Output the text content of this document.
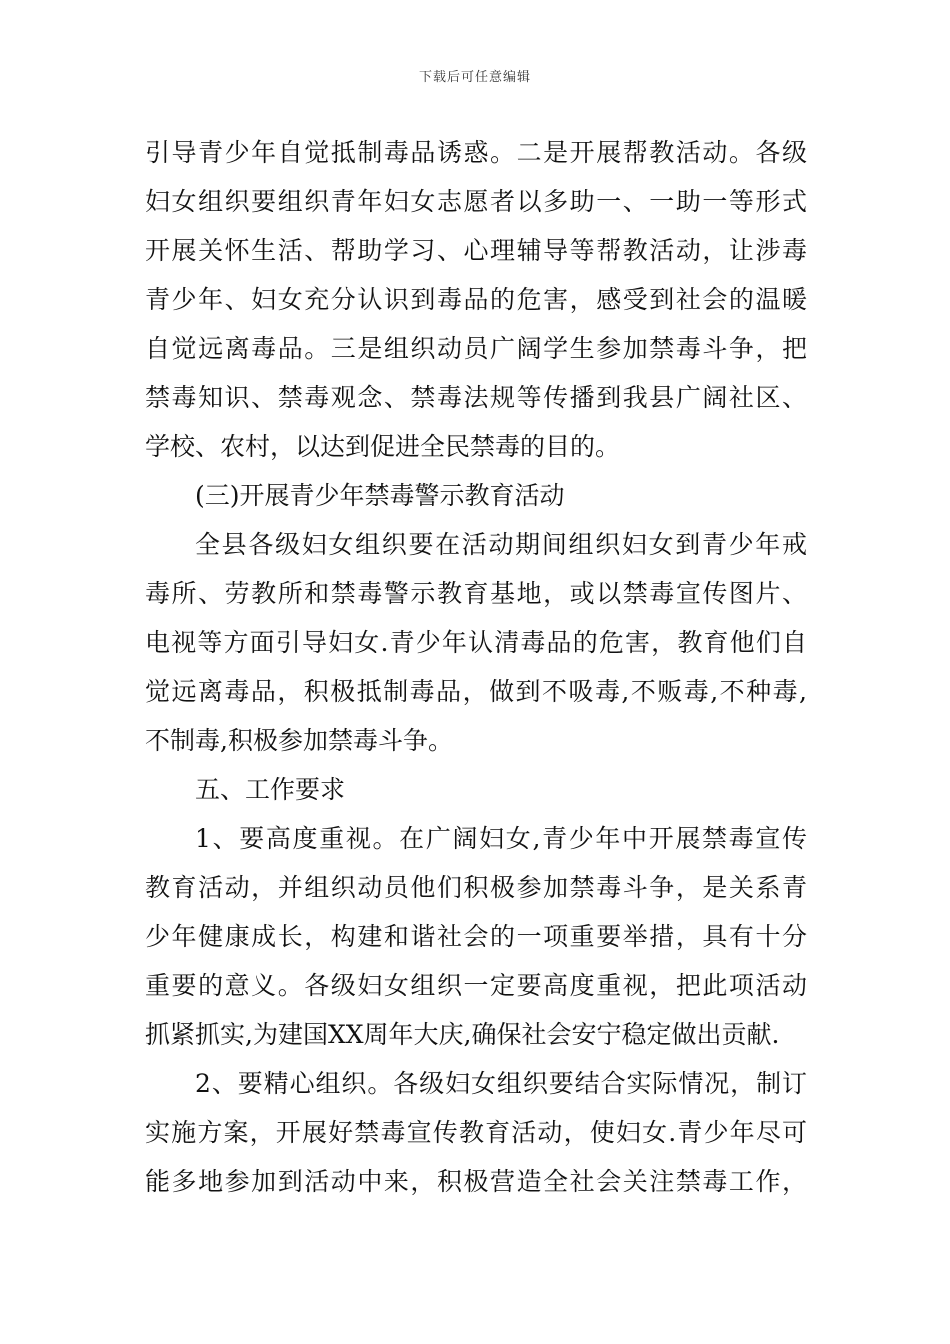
下载后可任意编辑
引导青少年自觉抵制毒品诱惑。二是开展帮教活动。各级
妇女组织要组织青年妇女志愿者以多助一、一助一等形式
开展关怀生活、帮助学习、心理辅导等帮教活动，让涉毒
青少年、妇女充分认识到毒品的危害，感受到社会的温暖
自觉远离毒品。三是组织动员广阔学生参加禁毒斗争，把
禁毒知识、禁毒观念、禁毒法规等传播到我县广阔社区、
学校、农村，以达到促进全民禁毒的目的。
(三)开展青少年禁毒警示教育活动
全县各级妇女组织要在活动期间组织妇女到青少年戒
毒所、劳教所和禁毒警示教育基地，或以禁毒宣传图片、
电视等方面引导妇女.青少年认清毒品的危害，教育他们自
觉远离毒品，积极抵制毒品，做到不吸毒,不贩毒,不种毒,
不制毒,积极参加禁毒斗争。
五、工作要求
1、要高度重视。在广阔妇女,青少年中开展禁毒宣传
教育活动，并组织动员他们积极参加禁毒斗争，是关系青
少年健康成长，构建和谐社会的一项重要举措，具有十分
重要的意义。各级妇女组织一定要高度重视，把此项活动
抓紧抓实,为建国XX周年大庆,确保社会安宁稳定做出贡献.
2、要精心组织。各级妇女组织要结合实际情况，制订
实施方案，开展好禁毒宣传教育活动，使妇女.青少年尽可
能多地参加到活动中来，积极营造全社会关注禁毒工作，
